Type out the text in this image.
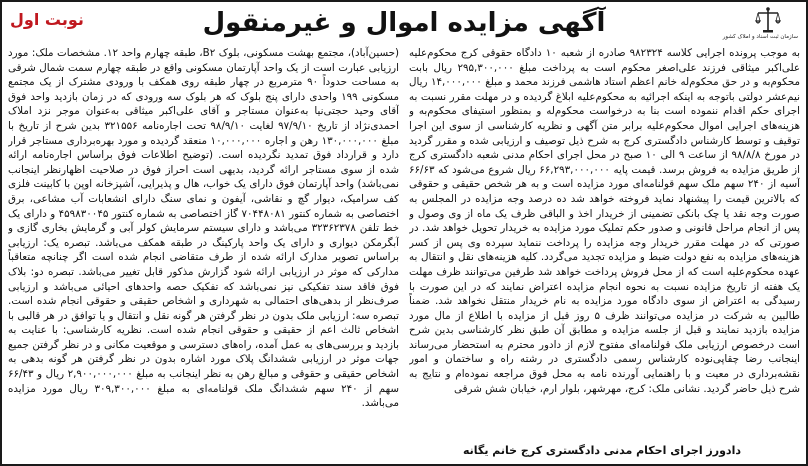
سازمان ثبت اسناد و املاک کشور
آگهی مزایده اموال و غیرمنقول
نوبت اول

به موجب پرونده اجرایی کلاسه ۹۸۲۳۲۴ صادره از شعبه ۱۰ دادگاه حقوقی کرج محکوم‌علیه علی‌اکبر میثاقی فرزند علی‌اصغر محکوم است به پرداخت مبلغ ۲۹۵,۳۰۰,۰۰۰ ریال بابت محکوم‌به و در حق محکوم‌له خانم اعظم استاد هاشمی فرزند محمد و مبلغ ۱۴,۰۰۰,۰۰۰ ریال نیم‌عشر دولتی باتوجه به اینکه اجرائیه به محکوم‌علیه ابلاغ گردیده و در مهلت مقرر نسبت به اجرای حکم اقدام ننموده است بنا به درخواست محکوم‌له و بمنظور استیفای محکوم‌به و هزینه‌های اجرایی اموال محکوم‌علیه برابر متن آگهی و نظریه کارشناسی از سوی این اجرا توقیف و توسط کارشناس دادگستری کرج به شرح ذیل توصیف و ارزیابی شده و مقرر گردید در مورخ ۹۸/۸/۸ از ساعت ۹ الی ۱۰ صبح در محل اجرای احکام مدنی شعبه دادگستری کرج از طریق مزایده به فروش برسد. قیمت پایه ۶۶,۲۹۳,۰۰۰,۰۰۰ ریال شروع می‌شود که ۶۶/۶۳ آسیه از ۲۴۰ سهم ملک سهم قولنامه‌ای مورد مزایده است و به هر شخص حقیقی و حقوقی که بالاترین قیمت را پیشنهاد نماید فروخته خواهد شد ده درصد وجه مزایده در المجلس به صورت وجه نقد یا چک بانکی تضمینی از خریدار اخذ و الباقی ظرف یک ماه از وی وصول و پس از انجام مراحل قانونی و صدور حکم تملیک مورد مزایده به خریدار تحویل خواهد شد. در صورتی که در مهلت مقرر خریدار وجه مزایده را پرداخت ننماید سپرده وی پس از کسر هزینه‌های مزایده به نفع دولت ضبط و مزایده تجدید می‌گردد. کلیه هزینه‌های نقل و انتقال به عهده محکوم‌علیه است که از محل فروش پرداخت خواهد شد طرفین می‌توانند ظرف مهلت یک هفته از تاریخ مزایده نسبت به نحوه انجام مزایده اعتراض نمایند که در این صورت با رسیدگی به اعتراض از سوی دادگاه مورد مزایده به نام خریدار منتقل نخواهد شد. ضمناً طالبین به شرکت در مزایده می‌توانند ظرف ۵ روز قبل از مزایده با اطلاع از مال مورد مزایده بازدید نمایند و قبل از جلسه مزایده و مطابق آن طبق نظر کارشناسی بدین شرح است درخصوص ارزیابی ملک قولنامه‌ای مفتوح لازم از دادور محترم به استحضار می‌رساند اینجانب رضا چقاپی‌نوده کارشناس رسمی دادگستری در رشته راه و ساختمان و امور نقشه‌برداری در معیت و با راهنمایی آورنده نامه به محل فوق مراجعه نموده‌ام و نتایج به شرح ذیل حاضر گردید. نشانی ملک: کرج، مهرشهر، بلوار ارم، خیابان شش شرقی

(حسین‌آباد)، مجتمع بهشت مسکونی، بلوک B۲، طبقه چهارم واحد ۱۲. مشخصات ملک: مورد ارزیابی عبارت است از یک واحد آپارتمان مسکونی واقع در طبقه چهارم سمت شمال شرقی به مساحت حدوداً ۹۰ مترمربع در چهار طبقه روی همکف با ورودی مشترک از یک مجتمع مسکونی ۱۹۹ واحدی دارای پنج بلوک که هر بلوک سه ورودی که در زمان بازدید واحد فوق آقای وحید حجتی‌نیا به‌عنوان مستاجر و آقای علی‌اکبر میثاقی به‌عنوان موجر نزد املاک احمدی‌نژاد از تاریخ ۹۷/۹/۱۰ لغایت ۹۸/۹/۱۰ تحت اجاره‌نامه ۳۲۱۵۵۶ بدین شرح از تاریخ با مبلغ ۱۳۰,۰۰۰,۰۰۰ رهن و اجاره ۱۰,۰۰۰,۰۰۰ منعقد گردیده و مورد بهره‌برداری مستاجر قرار دارد و قرارداد فوق تمدید نگردیده است. (توضیح اطلاعات فوق براساس اجاره‌نامه ارائه شده از سوی مستاجر ارائه گردید، بدیهی است احراز فوق در صلاحیت اظهارنظر اینجانب نمی‌باشد) واحد آپارتمان فوق دارای یک خواب، هال و پذیرایی، آشپزخانه اوپن با کابینت فلزی کف سرامیک، دیوار گچ و نقاشی، آیفون و نمای سنگ دارای انشعابات آب مشاعی، برق اختصاصی به شماره کنتور ۷۰۴۴۸۰۸۱ گاز اختصاصی به شماره کنتور ۴۵۹۸۳۰۰۴۵ و دارای یک خط تلفن ۳۲۳۶۲۳۷۸ می‌باشد و دارای سیستم سرمایش کولر آبی و گرمایش بخاری گازی و آبگرمکن دیواری و دارای یک واحد پارکینگ در طبقه همکف می‌باشد. تبصره یک: ارزیابی براساس تصویر مدارک ارائه شده از طرف متقاضی انجام شده است اگر چنانچه متعاقباً مدارکی که موثر در ارزیابی ارائه شود گزارش مذکور قابل تغییر می‌باشد. تبصره دو: بلاک فوق فاقد سند تفکیکی نیز نمی‌باشد که تفکیک حصه واحدهای احیائی می‌باشد و ارزیابی صرف‌نظر از بدهی‌های احتمالی به شهرداری و اشخاص حقیقی و حقوقی انجام شده است. تبصره سه: ارزیابی ملک بدون در نظر گرفتن هر گونه نقل و انتقال و یا توافق در هر قالبی با اشخاص ثالث اعم از حقیقی و حقوقی انجام شده است. نظریه کارشناسی: با عنایت به بازدید و بررسی‌های به عمل آمده، راه‌های دسترسی و موقعیت مکانی و در نظر گرفتن جمیع جهات موثر در ارزیابی ششدانگ پلاک مورد اشاره بدون در نظر گرفتن هر گونه بدهی به اشخاص حقیقی و حقوقی و مبالغ رهن به نظر اینجانب به مبلغ ۲,۹۰۰,۰۰۰,۰۰۰ ریال و ۶۶/۴۳ سهم از ۲۴۰ سهم ششدانگ ملک قولنامه‌ای به مبلغ ۳۰۹,۳۰۰,۰۰۰ ریال مورد مزایده می‌باشد.

دادورز اجرای احکام مدنی دادگستری کرج خانم یگانه
